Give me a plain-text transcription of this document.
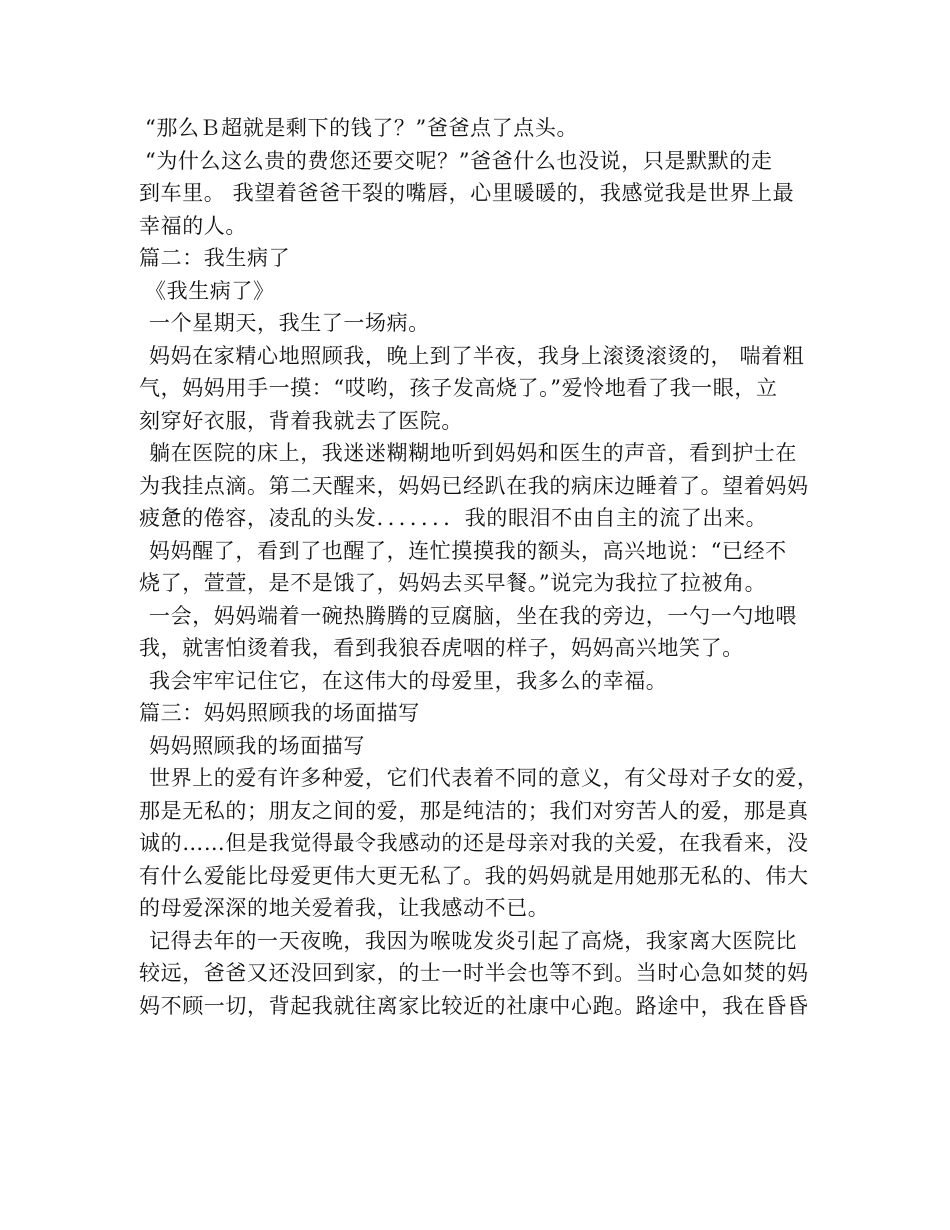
“那么Ｂ超就是剩下的钱了？”爸爸点了点头。
“为什么这么贵的费您还要交呢？”爸爸什么也没说，只是默默的走
到车里。 我望着爸爸干裂的嘴唇，心里暖暖的，我感觉我是世界上最
幸福的人。
篇二：我生病了
《我生病了》
一个星期天，我生了一场病。
妈妈在家精心地照顾我，晚上到了半夜，我身上滚烫滚烫的， 喘着粗
气，妈妈用手一摸：“哎哟，孩子发高烧了。”爱怜地看了我一眼，立
刻穿好衣服，背着我就去了医院。
躺在医院的床上，我迷迷糊糊地听到妈妈和医生的声音，看到护士在
为我挂点滴。第二天醒来，妈妈已经趴在我的病床边睡着了。望着妈妈
疲惫的倦容，凌乱的头发．．．．．．．我的眼泪不由自主的流了出来。
妈妈醒了，看到了也醒了，连忙摸摸我的额头，高兴地说：“已经不
烧了，萱萱，是不是饿了，妈妈去买早餐。”说完为我拉了拉被角。
一会，妈妈端着一碗热腾腾的豆腐脑，坐在我的旁边，一勺一勺地喂
我，就害怕烫着我，看到我狼吞虎咽的样子，妈妈高兴地笑了。
我会牢牢记住它，在这伟大的母爱里，我多么的幸福。
篇三：妈妈照顾我的场面描写
妈妈照顾我的场面描写
世界上的爱有许多种爱，它们代表着不同的意义，有父母对子女的爱，
那是无私的；朋友之间的爱，那是纯洁的；我们对穷苦人的爱，那是真
诚的……但是我觉得最令我感动的还是母亲对我的关爱，在我看来，没
有什么爱能比母爱更伟大更无私了。我的妈妈就是用她那无私的、伟大
的母爱深深的地关爱着我，让我感动不已。
记得去年的一天夜晚，我因为喉咙发炎引起了高烧，我家离大医院比
较远，爸爸又还没回到家，的士一时半会也等不到。当时心急如焚的妈
妈不顾一切，背起我就往离家比较近的社康中心跑。路途中，我在昏昏
